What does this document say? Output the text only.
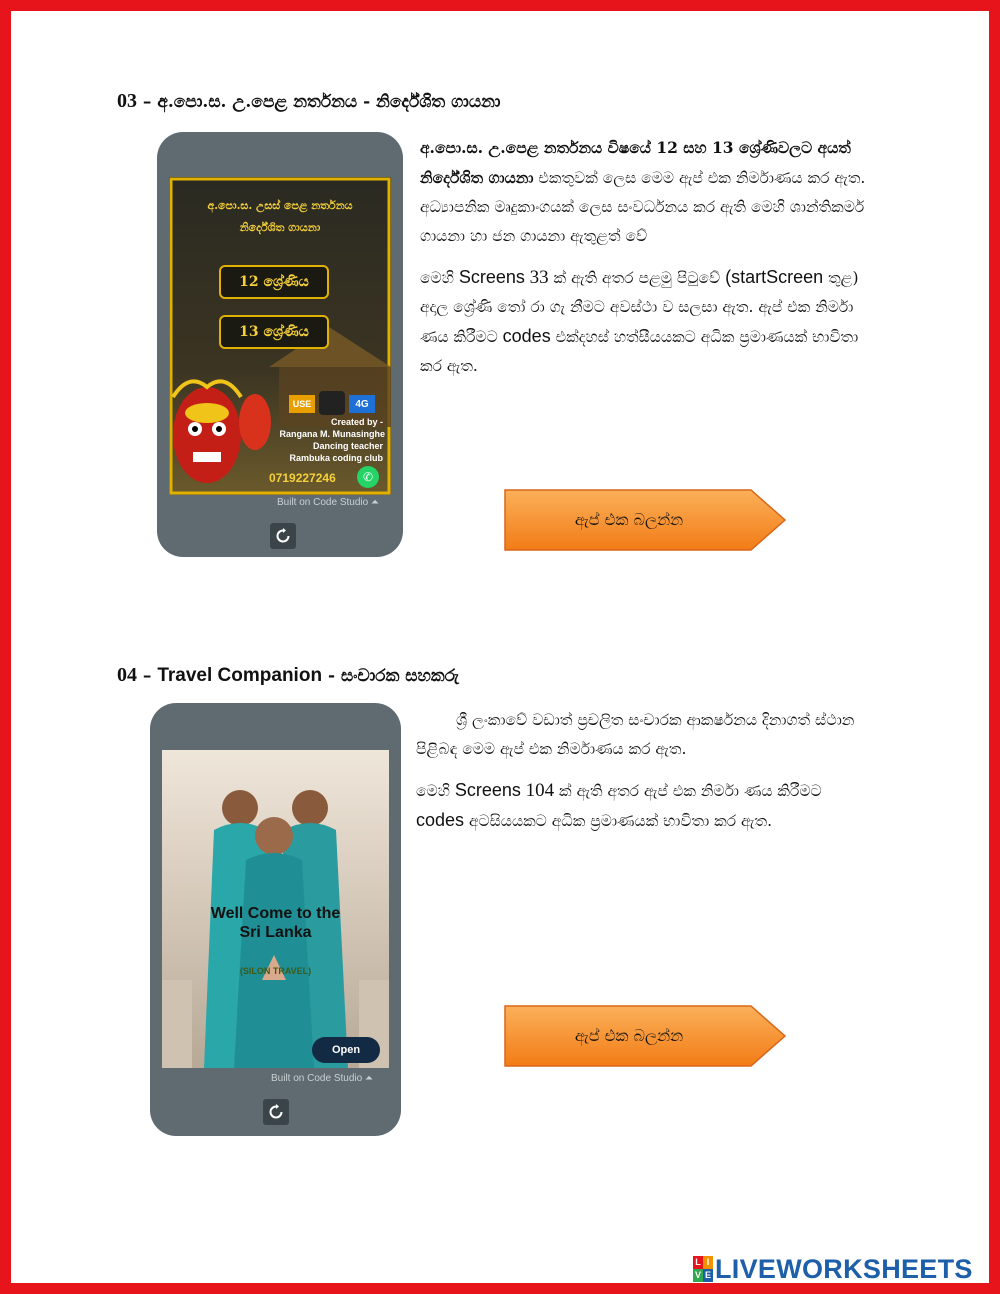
03 – අ.පො.ස. උ.පෙළ නර්තනය - නිර්දේශිත ගායනා
අ.පො.ස. උසස් පෙළ නර්තනය
නිර්දේශිත ගායනා
12 ශ්‍රේණිය
13 ශ්‍රේණිය
USE	4G
Created by -
Rangana M. Munasinghe
Dancing teacher
Rambuka coding club
0719227246	✆
Built on Code Studio ⏶

අ.පො.ස. උ.පෙළ නර්තනය විෂයේ 12 සහ 13 ශ්‍රේණිවලට අයත් නිර්දේශිත ගායනා එකතුවක් ලෙස මෙම ඇප් එක නිර්මාණය කර ඇත. අධ්‍යාපනික මෘදුකාංගයක් ලෙස සංවර්ධනය කර ඇති මෙහි ශාන්තිකර්ම ගායනා හා ජන ගායනා ඇතුළත් වේ

මෙහි Screens 33 ක් ඇති අතර පළමු පිටුවේ (startScreen තුළ) අදාල ශ්‍රේණි තෝ රා ගැ නීමට අවස්ථා ව සලසා ඇත. ඇප් එක නිර්මා ණය කිරීමට codes එක්දහස් හත්සීයයකට අධික ප්‍රමාණයක් භාවිතා කර ඇත.

ඇප් එක බලන්න
04 – Travel Companion - සංචාරක සහකරු
Well Come to the
Sri Lanka
(SILON TRAVEL)
Open
Built on Code Studio ⏶

ශ්‍රී ලංකාවේ වඩාත් ප්‍රචලිත සංචාරක ආකර්ෂනය දිනාගත් ස්ථාන පිළිබඳ මෙම ඇප් එක නිර්මාණය කර ඇත.

මෙහි Screens 104 ක් ඇති අතර ඇප් එක නිර්මා ණය කිරීමට codes අටසියයකට අධික ප්‍රමාණයක් භාවිතා කර ඇත.

ඇප් එක බලන්න
L I
V E LIVEWORKSHEETS
